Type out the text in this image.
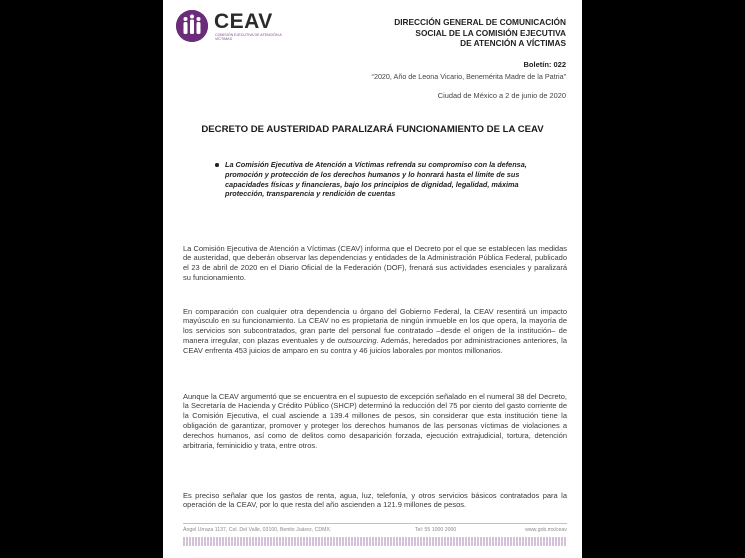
CEAV
COMISIÓN EJECUTIVA DE ATENCIÓN A VÍCTIMAS
DIRECCIÓN GENERAL DE COMUNICACIÓN
SOCIAL DE LA COMISIÓN EJECUTIVA
DE ATENCIÓN A VÍCTIMAS
Boletín: 022
“2020, Año de Leona Vicario, Benemérita Madre de la Patria”
Ciudad de México a 2 de junio de 2020
DECRETO DE AUSTERIDAD PARALIZARÁ FUNCIONAMIENTO DE LA CEAV
La Comisión Ejecutiva de Atención a Víctimas refrenda su compromiso con la defensa, promoción y protección de los derechos humanos y lo honrará hasta el límite de sus capacidades físicas y financieras, bajo los principios de dignidad, legalidad, máxima protección, transparencia y rendición de cuentas

La Comisión Ejecutiva de Atención a Víctimas (CEAV) informa que el Decreto por el que se establecen las medidas de austeridad, que deberán observar las dependencias y entidades de la Administración Pública Federal, publicado el 23 de abril de 2020 en el Diario Oficial de la Federación (DOF), frenará sus actividades esenciales y paralizará su funcionamiento.

En comparación con cualquier otra dependencia u órgano del Gobierno Federal, la CEAV resentirá un impacto mayúsculo en su funcionamiento. La CEAV no es propietaria de ningún inmueble en los que opera, la mayoría de los servicios son subcontratados, gran parte del personal fue contratado –desde el origen de la institución– de manera irregular, con plazas eventuales y de outsourcing. Además, heredados por administraciones anteriores, la CEAV enfrenta 453 juicios de amparo en su contra y 46 juicios laborales por montos millonarios.

Aunque la CEAV argumentó que se encuentra en el supuesto de excepción señalado en el numeral 38 del Decreto, la Secretaría de Hacienda y Crédito Público (SHCP) determinó la reducción del 75 por ciento del gasto corriente de la Comisión Ejecutiva, el cual asciende a 139.4 millones de pesos, sin considerar que esta institución tiene la obligación de garantizar, promover y proteger los derechos humanos de las personas víctimas de violaciones a derechos humanos, así como de delitos como desaparición forzada, ejecución extrajudicial, tortura, detención arbitraria, feminicidio y trata, entre otros.

Es preciso señalar que los gastos de renta, agua, luz, telefonía, y otros servicios básicos contratados para la operación de la CEAV, por lo que resta del año ascienden a 121.9 millones de pesos.

Ángel Urraza 1137, Col. Del Valle, 03100, Benito Juárez, CDMX.	Tel: 55 1000 2000	www.gob.mx/ceav
